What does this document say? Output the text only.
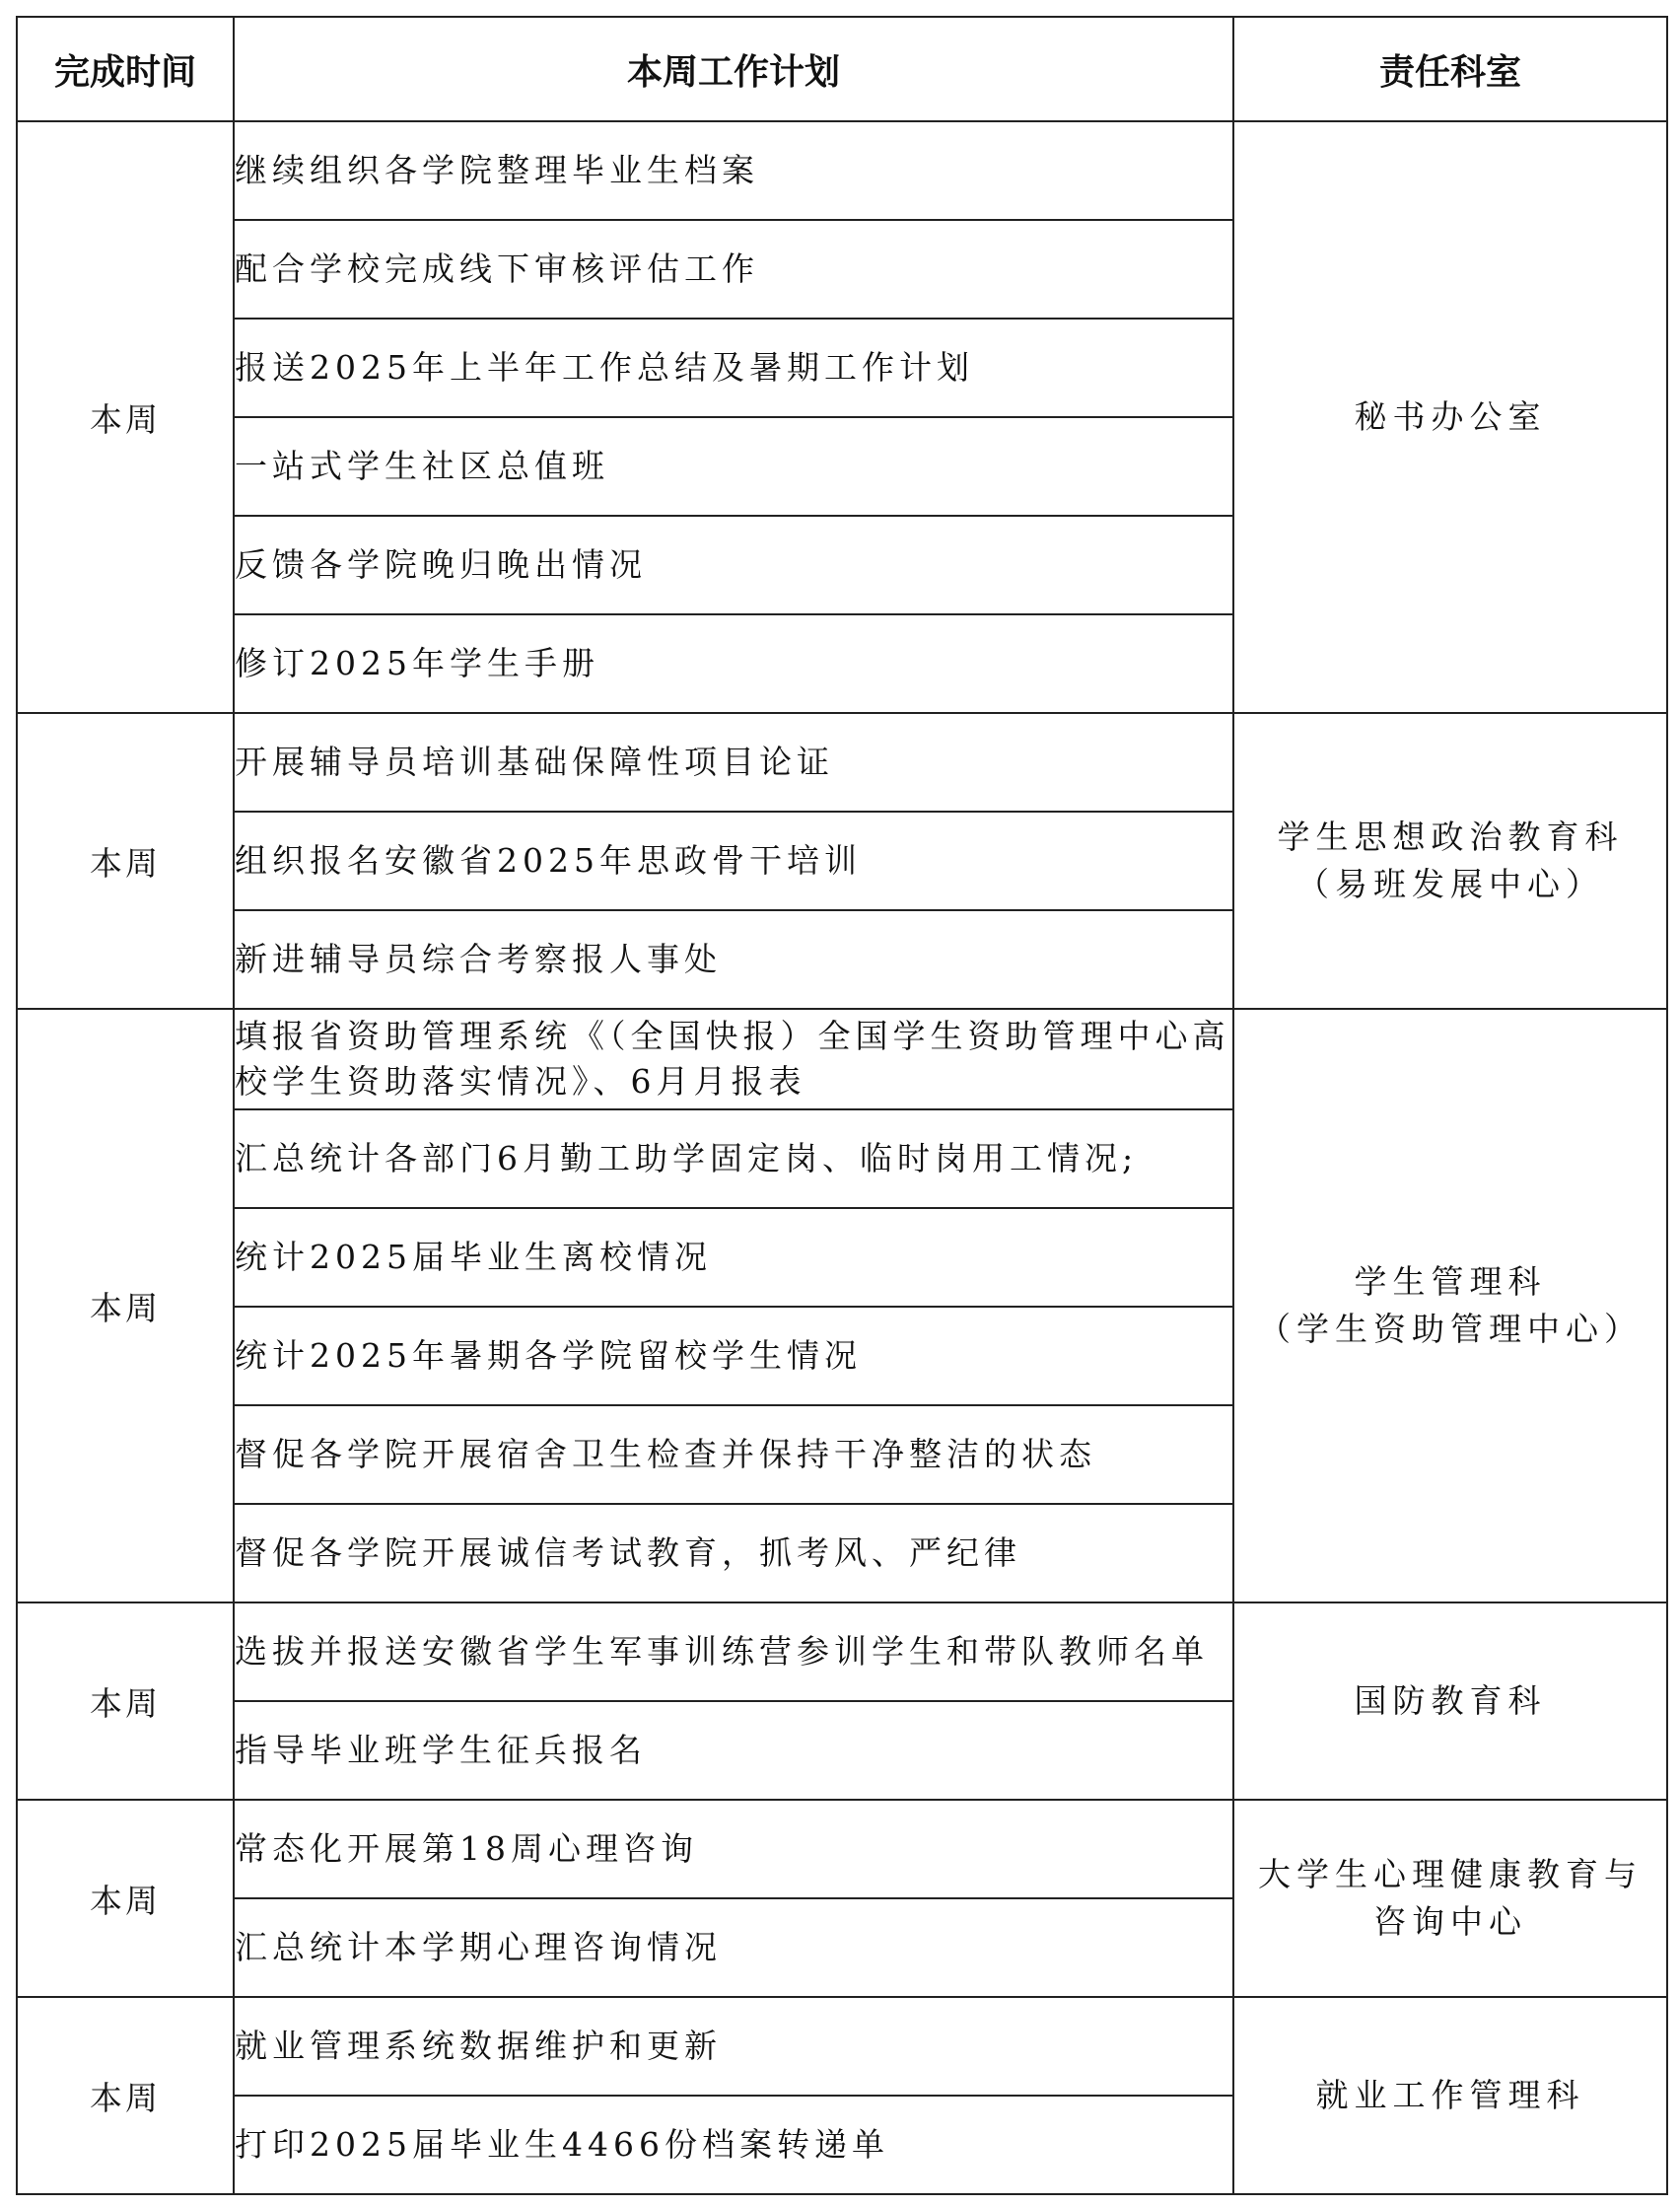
完成时间	本周工作计划	责任科室
本周	继续组织各学院整理毕业生档案	秘书办公室

	配合学校完成线下审核评估工作	
	报送2025年上半年工作总结及暑期工作计划	
	一站式学生社区总值班	
	反馈各学院晚归晚出情况	
	修订2025年学生手册	
本周	开展辅导员培训基础保障性项目论证	学生思想政治教育科
（易班发展中心）

	组织报名安徽省2025年思政骨干培训	
	新进辅导员综合考察报人事处	
本周	填报省资助管理系统《（全国快报）全国学生资助管理中心高校学生资助落实情况》、6月月报表	学生管理科
（学生资助管理中心）

	汇总统计各部门6月勤工助学固定岗、临时岗用工情况;	
	统计2025届毕业生离校情况	
	统计2025年暑期各学院留校学生情况	
	督促各学院开展宿舍卫生检查并保持干净整洁的状态	
	督促各学院开展诚信考试教育，抓考风、严纪律	
本周	选拔并报送安徽省学生军事训练营参训学生和带队教师名单	国防教育科

	指导毕业班学生征兵报名	
本周	常态化开展第18周心理咨询	大学生心理健康教育与
咨询中心

	汇总统计本学期心理咨询情况	
本周	就业管理系统数据维护和更新	就业工作管理科

	打印2025届毕业生4466份档案转递单	
